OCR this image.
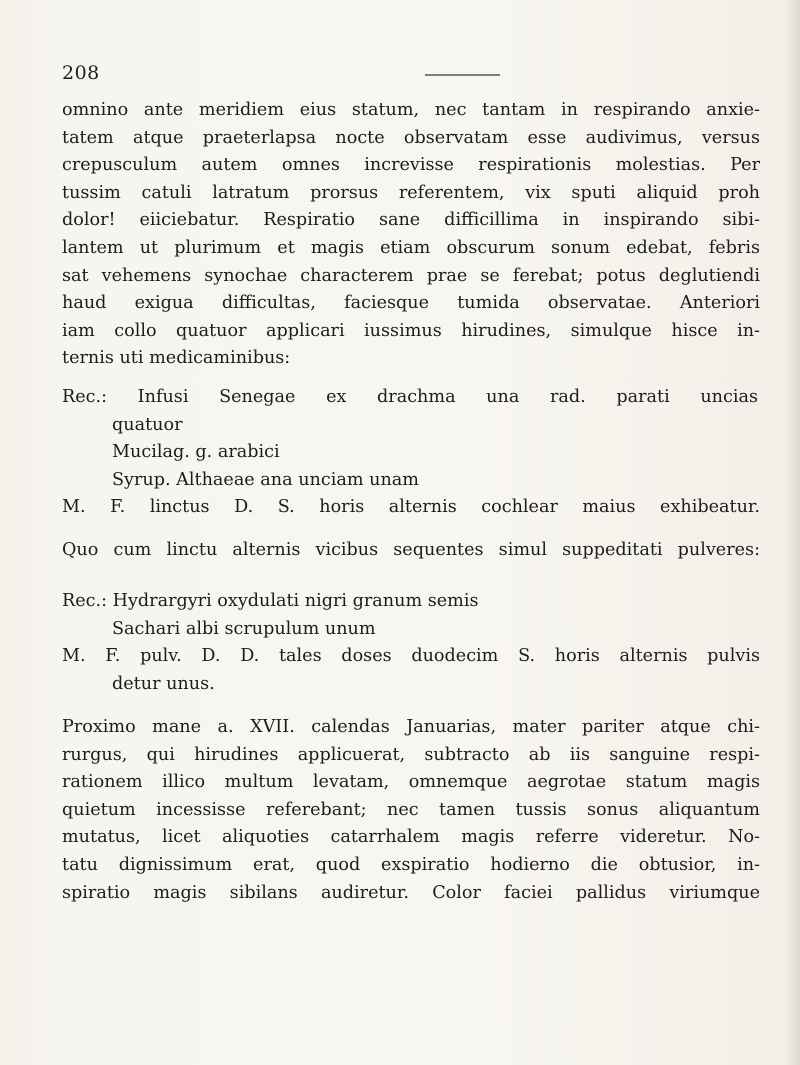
208
omnino ante meridiem eius statum, nec tantam in respirando anxie-
tatem atque praeterlapsa nocte observatam esse audivimus, versus
crepusculum autem omnes increvisse respirationis molestias. Per
tussim catuli latratum prorsus referentem, vix sputi aliquid proh
dolor! eiiciebatur. Respiratio sane difficillima in inspirando sibi-
lantem ut plurimum et magis etiam obscurum sonum edebat, febris
sat vehemens synochae characterem prae se ferebat; potus deglutiendi
haud exigua difficultas, faciesque tumida observatae. Anteriori
iam collo quatuor applicari iussimus hirudines, simulque hisce in-
ternis uti medicaminibus:
Rec.: Infusi Senegae ex drachma una rad. parati uncias
quatuor
Mucilag. g. arabici
Syrup. Althaeae ana unciam unam
M. F. linctus D. S. horis alternis cochlear maius exhibeatur.
Quo cum linctu alternis vicibus sequentes simul suppeditati pulveres:
Rec.: Hydrargyri oxydulati nigri granum semis
Sachari albi scrupulum unum
M. F. pulv. D. D. tales doses duodecim S. horis alternis pulvis
detur unus.
Proximo mane a. XVII. calendas Januarias, mater pariter atque chi-
rurgus, qui hirudines applicuerat, subtracto ab iis sanguine respi-
rationem illico multum levatam, omnemque aegrotae statum magis
quietum incessisse referebant; nec tamen tussis sonus aliquantum
mutatus, licet aliquoties catarrhalem magis referre videretur. No-
tatu dignissimum erat, quod exspiratio hodierno die obtusior, in-
spiratio magis sibilans audiretur. Color faciei pallidus viriumque
